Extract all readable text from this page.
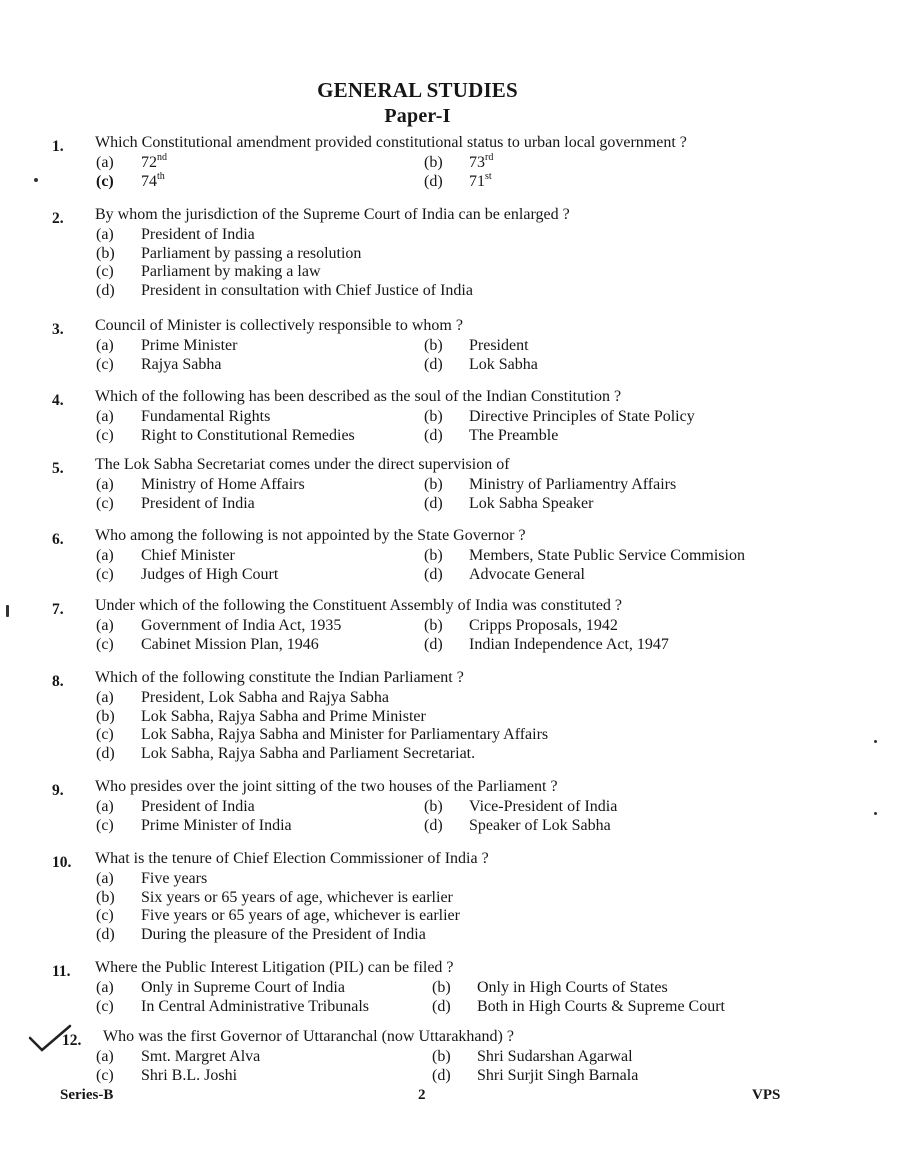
GENERAL STUDIES
Paper-I
1.	Which Constitutional amendment provided constitutional status to urban local government ?
(a) 72nd	(b) 73rd
(c) 74th	(d) 71st
2.	By whom the jurisdiction of the Supreme Court of India can be enlarged ?
(a) President of India
(b) Parliament by passing a resolution
(c) Parliament by making a law
(d) President in consultation with Chief Justice of India
3.	Council of Minister is collectively responsible to whom ?
(a) Prime Minister	(b) President
(c) Rajya Sabha	(d) Lok Sabha
4.	Which of the following has been described as the soul of the Indian Constitution ?
(a) Fundamental Rights	(b) Directive Principles of State Policy
(c) Right to Constitutional Remedies	(d) The Preamble
5.	The Lok Sabha Secretariat comes under the direct supervision of
(a) Ministry of Home Affairs	(b) Ministry of Parliamentry Affairs
(c) President of India	(d) Lok Sabha Speaker
6.	Who among the following is not appointed by the State Governor ?
(a) Chief Minister	(b) Members, State Public Service Commision
(c) Judges of High Court	(d) Advocate General
7.	Under which of the following the Constituent Assembly of India was constituted ?
(a) Government of India Act, 1935	(b) Cripps Proposals, 1942
(c) Cabinet Mission Plan, 1946	(d) Indian Independence Act, 1947
8.	Which of the following constitute the Indian Parliament ?
(a) President, Lok Sabha and Rajya Sabha
(b) Lok Sabha, Rajya Sabha and Prime Minister
(c) Lok Sabha, Rajya Sabha and Minister for Parliamentary Affairs
(d) Lok Sabha, Rajya Sabha and Parliament Secretariat.
9.	Who presides over the joint sitting of the two houses of the Parliament ?
(a) President of India	(b) Vice-President of India
(c) Prime Minister of India	(d) Speaker of Lok Sabha
10.	What is the tenure of Chief Election Commissioner of India ?
(a) Five years
(b) Six years or 65 years of age, whichever is earlier
(c) Five years or 65 years of age, whichever is earlier
(d) During the pleasure of the President of India
11.	Where the Public Interest Litigation (PIL) can be filed ?
(a) Only in Supreme Court of India	(b) Only in High Courts of States
(c) In Central Administrative Tribunals	(d) Both in High Courts & Supreme Court
12.	Who was the first Governor of Uttaranchal (now Uttarakhand) ?
(a) Smt. Margret Alva	(b) Shri Sudarshan Agarwal
(c) Shri B.L. Joshi	(d) Shri Surjit Singh Barnala
Series-B	2	VPS
